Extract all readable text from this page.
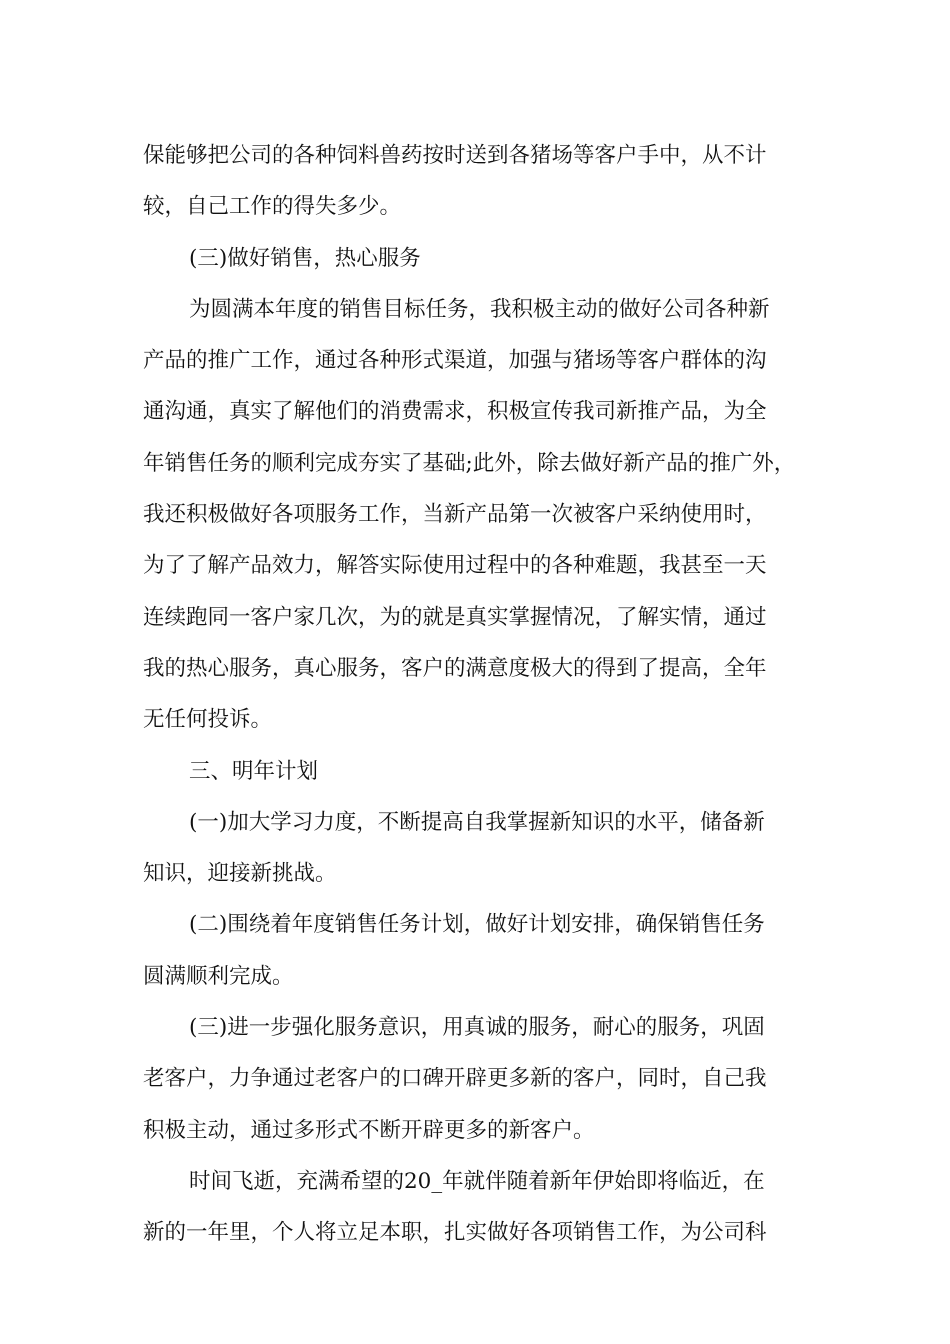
保能够把公司的各种饲料兽药按时送到各猪场等客户手中，从不计
较，自己工作的得失多少。
(三)做好销售，热心服务
为圆满本年度的销售目标任务，我积极主动的做好公司各种新
产品的推广工作，通过各种形式渠道，加强与猪场等客户群体的沟
通沟通，真实了解他们的消费需求，积极宣传我司新推产品，为全
年销售任务的顺利完成夯实了基础;此外，除去做好新产品的推广外，
我还积极做好各项服务工作，当新产品第一次被客户采纳使用时，
为了了解产品效力，解答实际使用过程中的各种难题，我甚至一天
连续跑同一客户家几次，为的就是真实掌握情况，了解实情，通过
我的热心服务，真心服务，客户的满意度极大的得到了提高，全年
无任何投诉。
三、明年计划
(一)加大学习力度，不断提高自我掌握新知识的水平，储备新
知识，迎接新挑战。
(二)围绕着年度销售任务计划，做好计划安排，确保销售任务
圆满顺利完成。
(三)进一步强化服务意识，用真诚的服务，耐心的服务，巩固
老客户，力争通过老客户的口碑开辟更多新的客户，同时，自己我
积极主动，通过多形式不断开辟更多的新客户。
时间飞逝，充满希望的20_年就伴随着新年伊始即将临近，在
新的一年里，个人将立足本职，扎实做好各项销售工作，为公司科
